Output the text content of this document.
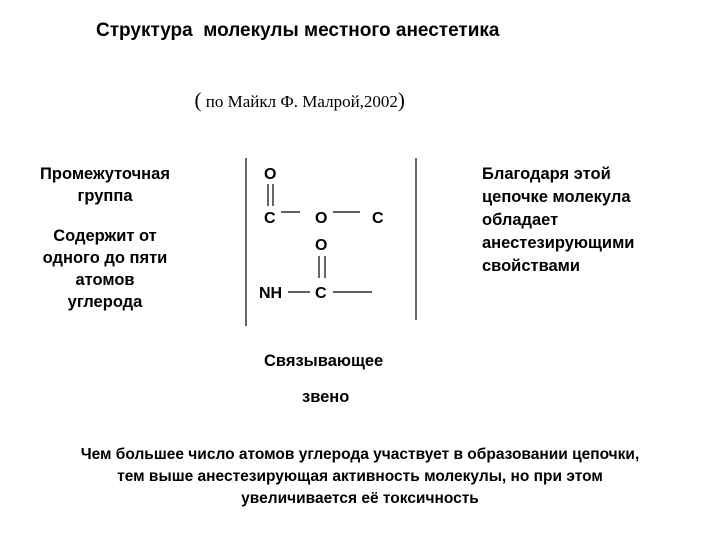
Структура  молекулы местного анестетика

( по Майкл Ф. Малрой,2002)

Промежуточная
группа
Содержит от
одного до пяти
атомов
углерода
Благодаря этой
цепочке молекула
обладает
анестезирующими
свойствами
O
C O	C
O
NH C
Связывающее
звено
Чем большее число атомов углерода участвует в образовании цепочки,
тем выше анестезирующая активность молекулы, но при этом
увеличивается её токсичность
